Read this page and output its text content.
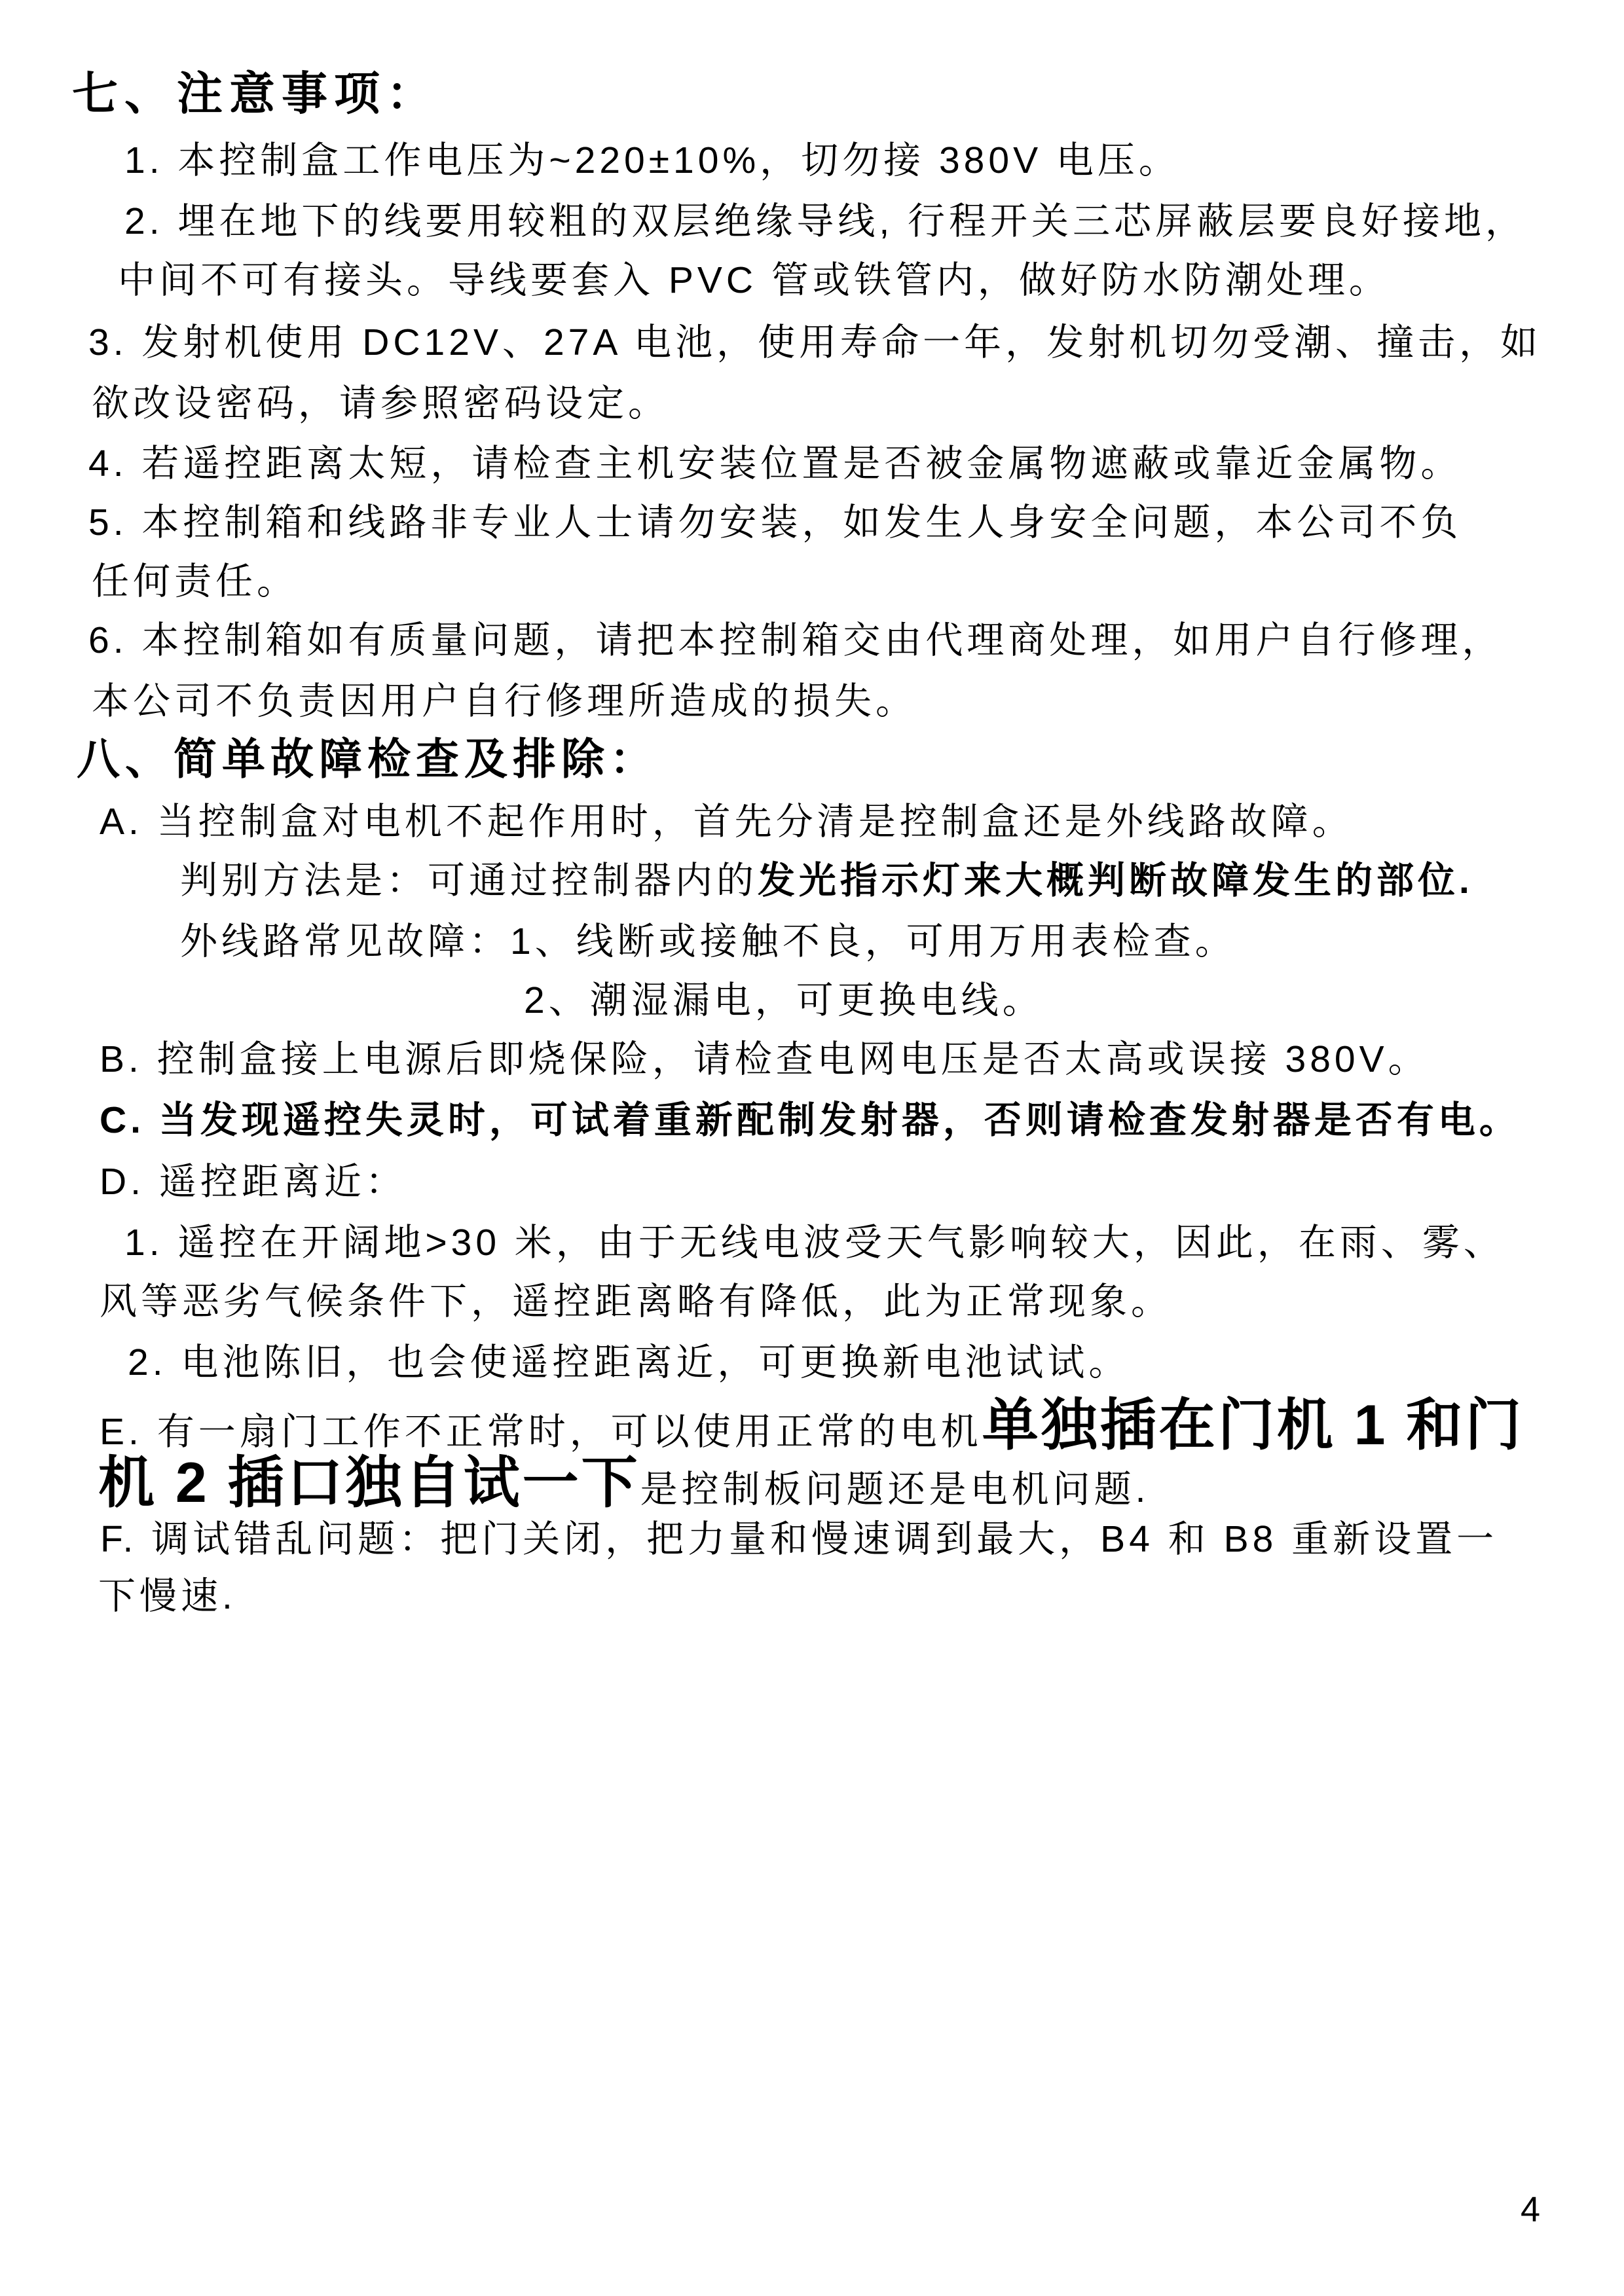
七、注意事项：
1. 本控制盒工作电压为~220±10%，切勿接 380V 电压。
2. 埋在地下的线要用较粗的双层绝缘导线, 行程开关三芯屏蔽层要良好接地，
中间不可有接头。导线要套入 PVC 管或铁管内，做好防水防潮处理。
3. 发射机使用 DC12V、27A 电池，使用寿命一年，发射机切勿受潮、撞击，如
欲改设密码，请参照密码设定。
4. 若遥控距离太短，请检查主机安装位置是否被金属物遮蔽或靠近金属物。
5. 本控制箱和线路非专业人士请勿安装，如发生人身安全问题，本公司不负
任何责任。
6. 本控制箱如有质量问题，请把本控制箱交由代理商处理，如用户自行修理，
本公司不负责因用户自行修理所造成的损失。
八、简单故障检查及排除：
A. 当控制盒对电机不起作用时，首先分清是控制盒还是外线路故障。
判别方法是：可通过控制器内的发光指示灯来大概判断故障发生的部位.
外线路常见故障：1、线断或接触不良，可用万用表检查。
2、潮湿漏电，可更换电线。
B. 控制盒接上电源后即烧保险，请检查电网电压是否太高或误接 380V。
C. 当发现遥控失灵时，可试着重新配制发射器，否则请检查发射器是否有电。
D. 遥控距离近：
1. 遥控在开阔地>30 米，由于无线电波受天气影响较大，因此，在雨、雾、
风等恶劣气候条件下，遥控距离略有降低，此为正常现象。
2. 电池陈旧，也会使遥控距离近，可更换新电池试试。
E. 有一扇门工作不正常时，可以使用正常的电机单独插在门机 1 和门
机 2 插口独自试一下是控制板问题还是电机问题.
F. 调试错乱问题：把门关闭，把力量和慢速调到最大，B4 和 B8 重新设置一
下慢速.
4
